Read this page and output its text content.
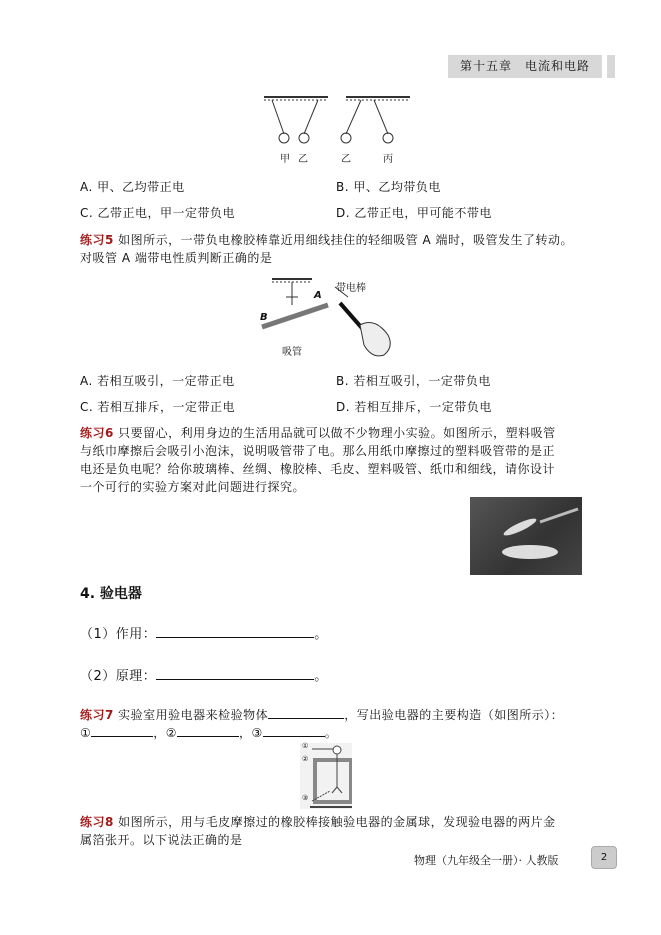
第十五章　电流和电路
甲 乙	乙	丙
A. 甲、乙均带正电	B. 甲、乙均带负电
C. 乙带正电，甲一定带负电	D. 乙带正电，甲可能不带电
练习5 如图所示，一带负电橡胶棒靠近用细线挂住的轻细吸管 A 端时，吸管发生了转动。
对吸管 A 端带电性质判断正确的是
带电棒
吸管
A
B
A. 若相互吸引，一定带正电	B. 若相互吸引，一定带负电
C. 若相互排斥，一定带正电	D. 若相互排斥，一定带负电
练习6 只要留心，利用身边的生活用品就可以做不少物理小实验。如图所示，塑料吸管
与纸巾摩擦后会吸引小泡沫，说明吸管带了电。那么用纸巾摩擦过的塑料吸管带的是正
电还是负电呢？给你玻璃棒、丝绸、橡胶棒、毛皮、塑料吸管、纸巾和细线，请你设计
一个可行的实验方案对此问题进行探究。
4. 验电器
（1）作用：	。
（2）原理：	。
练习7 实验室用验电器来检验物体	，写出验电器的主要构造（如图所示）：
①	，②	，③	。
①
②
③
练习8 如图所示，用与毛皮摩擦过的橡胶棒接触验电器的金属球，发现验电器的两片金
属箔张开。以下说法正确的是
物理（九年级全一册）· 人教版	2
